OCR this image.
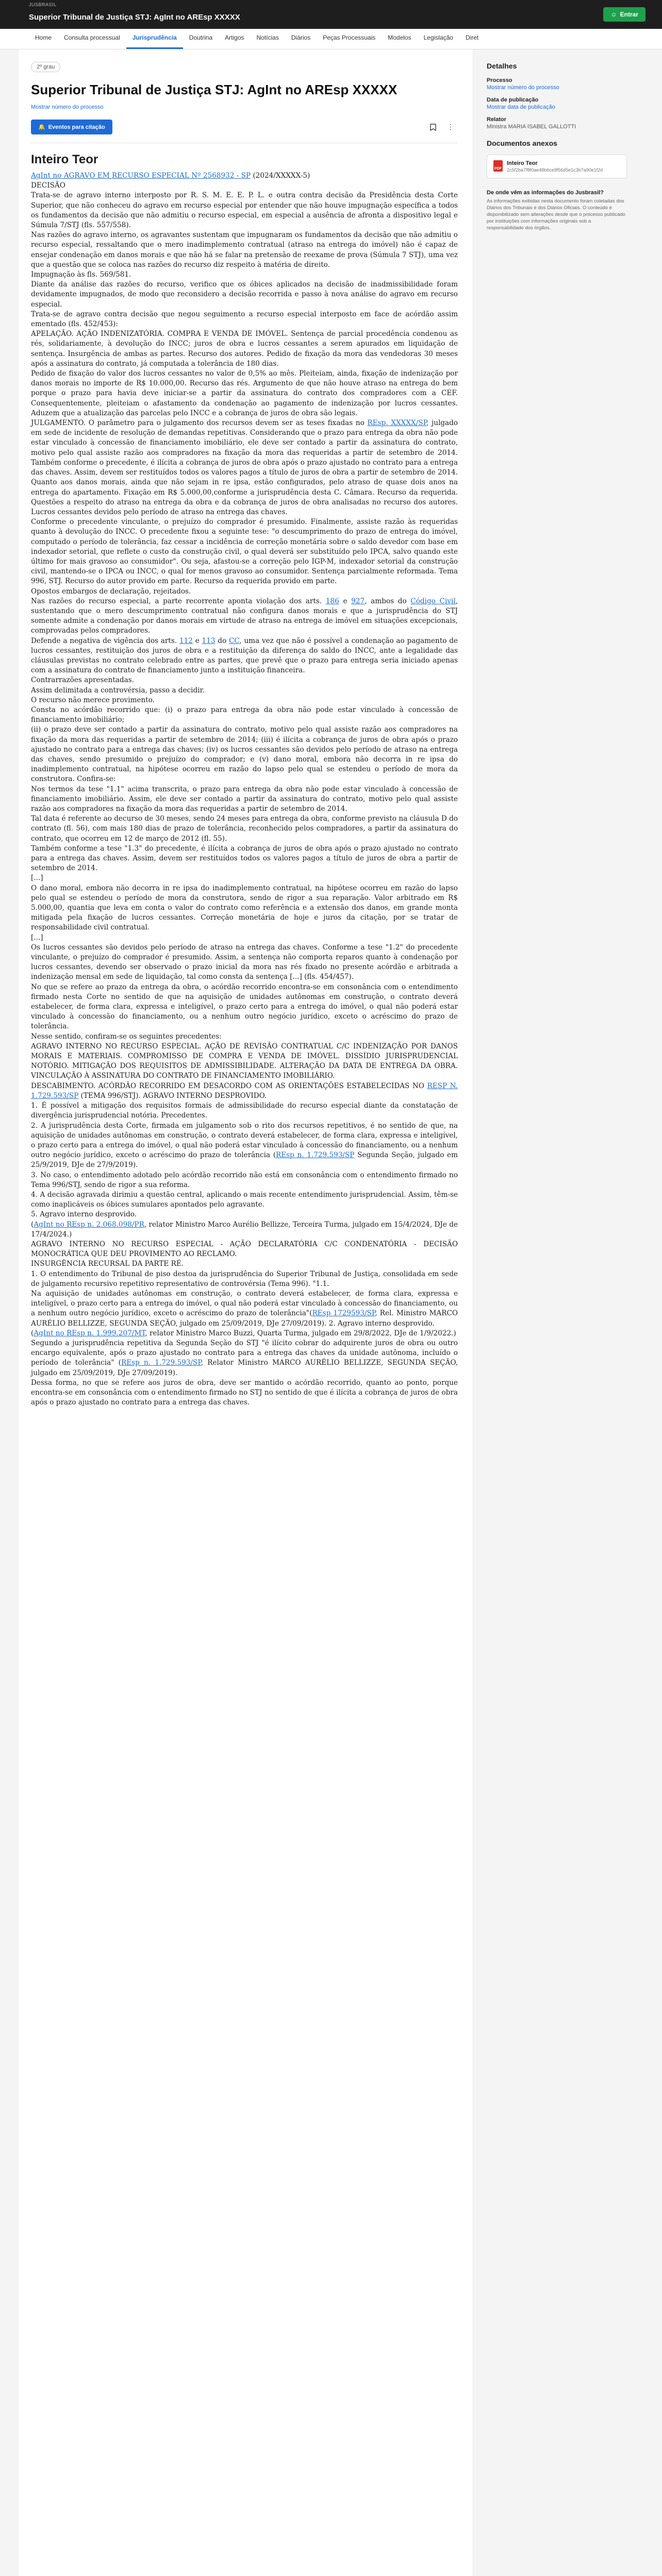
JUSBRASIL
Superior Tribunal de Justiça STJ: AgInt no AREsp XXXXX	☺ Entrar
Home	Consulta processual	Jurisprudência	Doutrina	Artigos	Notícias	Diários	Peças Processuais	Modelos	Legislação	Diret
2º grau
Superior Tribunal de Justiça STJ: AgInt no AREsp XXXXX
Mostrar número do processo
🔔 Eventos para citação	⋮
Inteiro Teor

AgInt no AGRAVO EM RECURSO ESPECIAL Nº 2568932 - SP (2024/XXXXX-5)

DECISÃO

Trata-se de agravo interno interposto por R. S. M. E. E. P. L. e outra contra decisão da Presidência desta Corte Superior, que não conheceu do agravo em recurso especial por entender que não houve impugnação específica a todos os fundamentos da decisão que não admitiu o recurso especial, em especial a ausência de afronta a dispositivo legal e Súmula 7/STJ (fls. 557/558).

Nas razões do agravo interno, os agravantes sustentam que impugnaram os fundamentos da decisão que não admitiu o recurso especial, ressaltando que o mero inadimplemento contratual (atraso na entrega do imóvel) não é capaz de ensejar condenação em danos morais e que não há se falar na pretensão de reexame de prova (Súmula 7 STJ), uma vez que a questão que se coloca nas razões do recurso diz respeito à matéria de direito.

Impugnação às fls. 569/581.

Diante da análise das razões do recurso, verifico que os óbices aplicados na decisão de inadmissibilidade foram devidamente impugnados, de modo que reconsidero a decisão recorrida e passo à nova análise do agravo em recurso especial.

Trata-se de agravo contra decisão que negou seguimento a recurso especial interposto em face de acórdão assim ementado (fls. 452/453):

APELAÇÃO. AÇÃO INDENIZATÓRIA. COMPRA E VENDA DE IMÓVEL. Sentença de parcial procedência condenou as rés, solidariamente, à devolução do INCC; juros de obra e lucros cessantes a serem apurados em liquidação de sentença. Insurgência de ambas as partes. Recurso dos autores. Pedido de fixação da mora das vendedoras 30 meses após a assinatura do contrato, já computada a tolerância de 180 dias.

Pedido de fixação do valor dos lucros cessantes no valor de 0,5% ao mês. Pleiteiam, ainda, fixação de indenização por danos morais no importe de R$ 10.000,00. Recurso das rés. Argumento de que não houve atraso na entrega do bem porque o prazo para havia deve iniciar-se a partir da assinatura do contrato dos compradores com a CEF. Consequentemente, pleiteiam o afastamento da condenação ao pagamento de indenização por lucros cessantes. Aduzem que a atualização das parcelas pelo INCC e a cobrança de juros de obra são legais.

JULGAMENTO. O parâmetro para o julgamento dos recursos devem ser as teses fixadas no REsp. XXXXX/SP, julgado em sede de incidente de resolução de demandas repetitivas. Considerando que o prazo para entrega da obra não pode estar vinculado à concessão de financiamento imobiliário, ele deve ser contado a partir da assinatura do contrato, motivo pelo qual assiste razão aos compradores na fixação da mora das requeridas a partir de setembro de 2014. Também conforme o precedente, é ilícita a cobrança de juros de obra após o prazo ajustado no contrato para a entrega das chaves. Assim, devem ser restituídos todos os valores pagos a título de juros de obra a partir de setembro de 2014. Quanto aos danos morais, ainda que não sejam in re ipsa, estão configurados, pelo atraso de quase dois anos na entrega do apartamento. Fixação em R$ 5.000,00,conforme a jurisprudência desta C. Câmara. Recurso da requerida. Questões a respeito do atraso na entrega da obra e da cobrança de juros de obra analisadas no recurso dos autores. Lucros cessantes devidos pelo período de atraso na entrega das chaves.

Conforme o precedente vinculante, o prejuízo do comprador é presumido. Finalmente, assiste razão às requeridas quanto à devolução do INCC. O precedente fixou a seguinte tese: "o descumprimento do prazo de entrega do imóvel, computado o período de tolerância, faz cessar a incidência de correção monetária sobre o saldo devedor com base em indexador setorial, que reflete o custo da construção civil, o qual deverá ser substituído pelo IPCA, salvo quando este último for mais gravoso ao consumidor". Ou seja, afastou-se a correção pelo IGP-M, indexador setorial da construção civil, mantendo-se o IPCA ou INCC, o qual for menos gravoso ao consumidor. Sentença parcialmente reformada. Tema 996, STJ. Recurso do autor provido em parte. Recurso da requerida provido em parte.

Opostos embargos de declaração, rejeitados.

Nas razões do recurso especial, a parte recorrente aponta violação dos arts. 186 e 927, ambos do Código Civil, sustentando que o mero descumprimento contratual não configura danos morais e que a jurisprudência do STJ somente admite a condenação por danos morais em virtude de atraso na entrega de imóvel em situações excepcionais, comprovadas pelos compradores.

Defende a negativa de vigência dos arts. 112 e 113 do CC, uma vez que não é possível a condenação ao pagamento de lucros cessantes, restituição dos juros de obra e a restituição da diferença do saldo do INCC, ante a legalidade das cláusulas previstas no contrato celebrado entre as partes, que prevê que o prazo para entrega seria iniciado apenas com a assinatura do contrato de financiamento junto a instituição financeira.

Contrarrazões apresentadas.

Assim delimitada a controvérsia, passo a decidir.

O recurso não merece provimento.

Consta no acórdão recorrido que: (i) o prazo para entrega da obra não pode estar vinculado à concessão de financiamento imobiliário;

(ii) o prazo deve ser contado a partir da assinatura do contrato, motivo pelo qual assiste razão aos compradores na fixação da mora das requeridas a partir de setembro de 2014; (iii) é ilícita a cobrança de juros de obra após o prazo ajustado no contrato para a entrega das chaves; (iv) os lucros cessantes são devidos pelo período de atraso na entrega das chaves, sendo presumido o prejuízo do comprador; e (v) dano moral, embora não decorra in re ipsa do inadimplemento contratual, na hipótese ocorreu em razão do lapso pelo qual se estendeu o período de mora da construtora. Confira-se:

Nos termos da tese "1.1" acima transcrita, o prazo para entrega da obra não pode estar vinculado à concessão de financiamento imobiliário. Assim, ele deve ser contado a partir da assinatura do contrato, motivo pelo qual assiste razão aos compradores na fixação da mora das requeridas a partir de setembro de 2014.

Tal data é referente ao decurso de 30 meses, sendo 24 meses para entrega da obra, conforme previsto na cláusula D do contrato (fl. 56), com mais 180 dias de prazo de tolerância, reconhecido pelos compradores, a partir da assinatura do contrato, que ocorreu em 12 de março de 2012 (fl. 55).

Também conforme a tese "1.3" do precedente, é ilícita a cobrança de juros de obra após o prazo ajustado no contrato para a entrega das chaves. Assim, devem ser restituídos todos os valores pagos a título de juros de obra a partir de setembro de 2014.

[...]

O dano moral, embora não decorra in re ipsa do inadimplemento contratual, na hipótese ocorreu em razão do lapso pelo qual se estendeu o período de mora da construtora, sendo de rigor a sua reparação. Valor arbitrado em R$ 5.000,00, quantia que leva em conta o valor do contrato como referência e a extensão dos danos, em grande monta mitigada pela fixação de lucros cessantes. Correção monetária de hoje e juros da citação, por se tratar de responsabilidade civil contratual.

[...]

Os lucros cessantes são devidos pelo período de atraso na entrega das chaves. Conforme a tese "1.2" do precedente vinculante, o prejuízo do comprador é presumido. Assim, a sentença não comporta reparos quanto à condenação por lucros cessantes, devendo ser observado o prazo inicial da mora nas rés fixado no presente acórdão e arbitrada a indenização mensal em sede de liquidação, tal como consta da sentença [...] (fls. 454/457).

No que se refere ao prazo da entrega da obra, o acórdão recorrido encontra-se em consonância com o entendimento firmado nesta Corte no sentido de que na aquisição de unidades autônomas em construção, o contrato deverá estabelecer, de forma clara, expressa e inteligível, o prazo certo para a entrega do imóvel, o qual não poderá estar vinculado à concessão do financiamento, ou a nenhum outro negócio jurídico, exceto o acréscimo do prazo de tolerância.

Nesse sentido, confiram-se os seguintes precedentes:

AGRAVO INTERNO NO RECURSO ESPECIAL. AÇÃO DE REVISÃO CONTRATUAL C/C INDENIZAÇÃO POR DANOS MORAIS E MATERIAIS. COMPROMISSO DE COMPRA E VENDA DE IMÓVEL. DISSÍDIO JURISPRUDENCIAL NOTÓRIO. MITIGAÇÃO DOS REQUISITOS DE ADMISSIBILIDADE. ALTERAÇÃO DA DATA DE ENTREGA DA OBRA. VINCULAÇÃO À ASSINATURA DO CONTRATO DE FINANCIAMENTO IMOBILIÁRIO.

DESCABIMENTO. ACÓRDÃO RECORRIDO EM DESACORDO COM AS ORIENTAÇÕES ESTABELECIDAS NO RESP N. 1.729.593/SP (TEMA 996/STJ). AGRAVO INTERNO DESPROVIDO.

1. É possível a mitigação dos requisitos formais de admissibilidade do recurso especial diante da constatação de divergência jurisprudencial notória. Precedentes.

2. A jurisprudência desta Corte, firmada em julgamento sob o rito dos recursos repetitivos, é no sentido de que, na aquisição de unidades autônomas em construção, o contrato deverá estabelecer, de forma clara, expressa e inteligível, o prazo certo para a entrega do imóvel, o qual não poderá estar vinculado à concessão do financiamento, ou a nenhum outro negócio jurídico, exceto o acréscimo do prazo de tolerância (REsp n. 1.729.593/SP Segunda Seção, julgado em 25/9/2019, DJe de 27/9/2019).

3. No caso, o entendimento adotado pelo acórdão recorrido não está em consonância com o entendimento firmado no Tema 996/STJ, sendo de rigor a sua reforma.

4. A decisão agravada dirimiu a questão central, aplicando o mais recente entendimento jurisprudencial. Assim, têm-se como inaplicáveis os óbices sumulares apontados pelo agravante.

5. Agravo interno desprovido.

(AgInt no REsp n. 2.068.098/PR, relator Ministro Marco Aurélio Bellizze, Terceira Turma, julgado em 15/4/2024, DJe de 17/4/2024.)

AGRAVO INTERNO NO RECURSO ESPECIAL - AÇÃO DECLARATÓRIA C/C CONDENATÓRIA - DECISÃO MONOCRÁTICA QUE DEU PROVIMENTO AO RECLAMO.

INSURGÊNCIA RECURSAL DA PARTE RÉ.

1. O entendimento do Tribunal de piso destoa da jurisprudência do Superior Tribunal de Justiça, consolidada em sede de julgamento recursivo repetitivo representativo de controvérsia (Tema 996). "1.1.

Na aquisição de unidades autônomas em construção, o contrato deverá estabelecer, de forma clara, expressa e inteligível, o prazo certo para a entrega do imóvel, o qual não poderá estar vinculado à concessão do financiamento, ou a nenhum outro negócio jurídico, exceto o acréscimo do prazo de tolerância"(REsp 1729593/SP, Rel. Ministro MARCO AURÉLIO BELLIZZE, SEGUNDA SEÇÃO, julgado em 25/09/2019, DJe 27/09/2019). 2. Agravo interno desprovido.

(AgInt no REsp n. 1.999.207/MT, relator Ministro Marco Buzzi, Quarta Turma, julgado em 29/8/2022, DJe de 1/9/2022.)

Segundo a jurisprudência repetitiva da Segunda Seção do STJ "é ilícito cobrar do adquirente juros de obra ou outro encargo equivalente, após o prazo ajustado no contrato para a entrega das chaves da unidade autônoma, incluído o período de tolerância" (REsp n. 1.729.593/SP, Relator Ministro MARCO AURÉLIO BELLIZZE, SEGUNDA SEÇÃO, julgado em 25/09/2019, DJe 27/09/2019).

Dessa forma, no que se refere aos juros de obra, deve ser mantido o acórdão recorrido, quanto ao ponto, porque encontra-se em consonância com o entendimento firmado no STJ no sentido de que é ilícita a cobrança de juros de obra após o prazo ajustado no contrato para a entrega das chaves.

Detalhes
Processo
Mostrar número do processo
Data de publicação
Mostrar data de publicação
Relator
Ministra MARIA ISABEL GALLOTTI
Documentos anexos
PDF
Inteiro Teor
2c5f2ba7f8f0ae48b6ce9f56d5e1c3b7a90e1f2d
De onde vêm as informações do Jusbrasil?
As informações exibidas nesta documento foram coletadas dos Diários dos Tribunais e dos Diários Oficiais. O conteúdo é disponibilizado sem alterações desde que o processo publicado por instituições com informações originais sob a responsabilidade dos órgãos.
